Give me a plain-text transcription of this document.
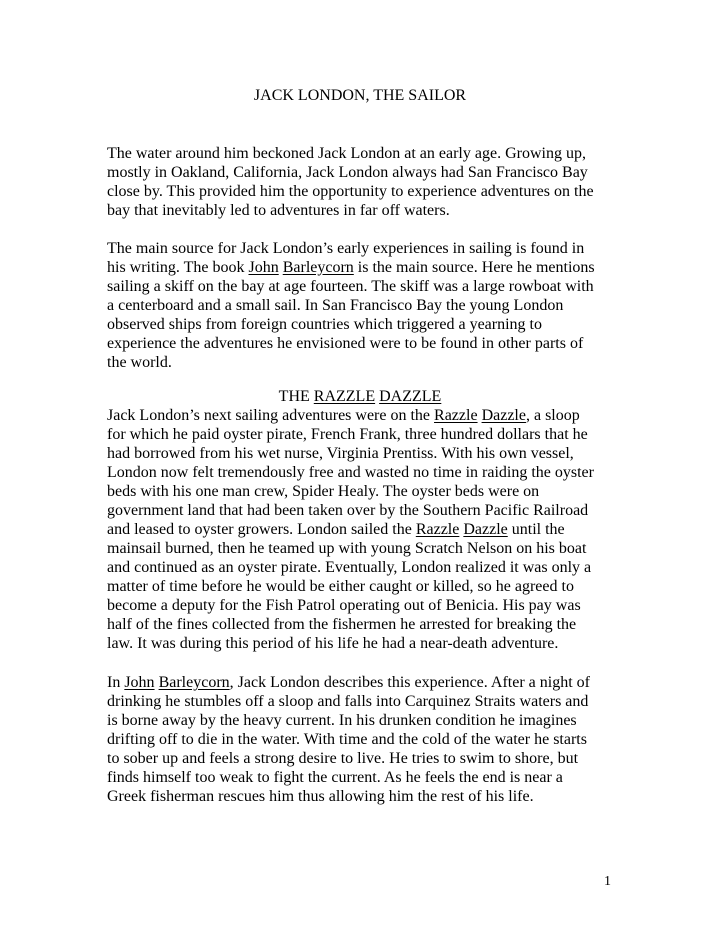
JACK LONDON, THE SAILOR
The water around him beckoned Jack London at an early age. Growing up,
mostly in Oakland, California, Jack London always had San Francisco Bay
close by. This provided him the opportunity to experience adventures on the
bay that inevitably led to adventures in far off waters.
The main source for Jack London’s early experiences in sailing is found in
his writing. The book John Barleycorn is the main source. Here he mentions
sailing a skiff on the bay at age fourteen. The skiff was a large rowboat with
a centerboard and a small sail. In San Francisco Bay the young London
observed ships from foreign countries which triggered a yearning to
experience the adventures he envisioned were to be found in other parts of
the world.
THE RAZZLE DAZZLE
Jack London’s next sailing adventures were on the Razzle Dazzle, a sloop
for which he paid oyster pirate, French Frank, three hundred dollars that he
had borrowed from his wet nurse, Virginia Prentiss. With his own vessel,
London now felt tremendously free and wasted no time in raiding the oyster
beds with his one man crew, Spider Healy. The oyster beds were on
government land that had been taken over by the Southern Pacific Railroad
and leased to oyster growers. London sailed the Razzle Dazzle until the
mainsail burned, then he teamed up with young Scratch Nelson on his boat
and continued as an oyster pirate. Eventually, London realized it was only a
matter of time before he would be either caught or killed, so he agreed to
become a deputy for the Fish Patrol operating out of Benicia. His pay was
half of the fines collected from the fishermen he arrested for breaking the
law. It was during this period of his life he had a near-death adventure.
In John Barleycorn, Jack London describes this experience. After a night of
drinking he stumbles off a sloop and falls into Carquinez Straits waters and
is borne away by the heavy current. In his drunken condition he imagines
drifting off to die in the water. With time and the cold of the water he starts
to sober up and feels a strong desire to live. He tries to swim to shore, but
finds himself too weak to fight the current. As he feels the end is near a
Greek fisherman rescues him thus allowing him the rest of his life.
1
